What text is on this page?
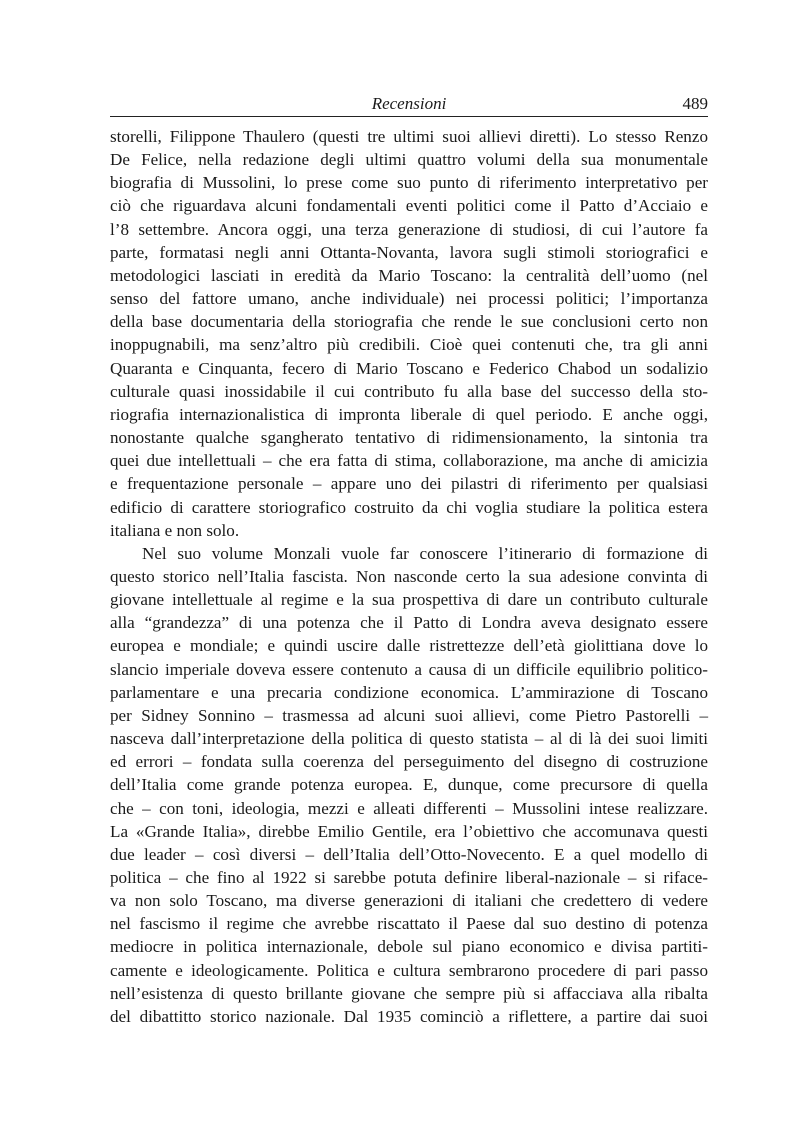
Recensioni	489
storelli, Filippone Thaulero (questi tre ultimi suoi allievi diretti). Lo stesso Renzo
De Felice, nella redazione degli ultimi quattro volumi della sua monumentale
biografia di Mussolini, lo prese come suo punto di riferimento interpretativo per
ciò che riguardava alcuni fondamentali eventi politici come il Patto d’Acciaio e
l’8 settembre. Ancora oggi, una terza generazione di studiosi, di cui l’autore fa
parte, formatasi negli anni Ottanta-Novanta, lavora sugli stimoli storiografici e
metodologici lasciati in eredità da Mario Toscano: la centralità dell’uomo (nel
senso del fattore umano, anche individuale) nei processi politici; l’importanza
della base documentaria della storiografia che rende le sue conclusioni certo non
inoppugnabili, ma senz’altro più credibili. Cioè quei contenuti che, tra gli anni
Quaranta e Cinquanta, fecero di Mario Toscano e Federico Chabod un sodalizio
culturale quasi inossidabile il cui contributo fu alla base del successo della sto-
riografia internazionalistica di impronta liberale di quel periodo. E anche oggi,
nonostante qualche sgangherato tentativo di ridimensionamento, la sintonia tra
quei due intellettuali – che era fatta di stima, collaborazione, ma anche di amicizia
e frequentazione personale – appare uno dei pilastri di riferimento per qualsiasi
edificio di carattere storiografico costruito da chi voglia studiare la politica estera
italiana e non solo.
Nel suo volume Monzali vuole far conoscere l’itinerario di formazione di
questo storico nell’Italia fascista. Non nasconde certo la sua adesione convinta di
giovane intellettuale al regime e la sua prospettiva di dare un contributo culturale
alla “grandezza” di una potenza che il Patto di Londra aveva designato essere
europea e mondiale; e quindi uscire dalle ristrettezze dell’età giolittiana dove lo
slancio imperiale doveva essere contenuto a causa di un difficile equilibrio politico-
parlamentare e una precaria condizione economica. L’ammirazione di Toscano
per Sidney Sonnino – trasmessa ad alcuni suoi allievi, come Pietro Pastorelli –
nasceva dall’interpretazione della politica di questo statista – al di là dei suoi limiti
ed errori – fondata sulla coerenza del perseguimento del disegno di costruzione
dell’Italia come grande potenza europea. E, dunque, come precursore di quella
che – con toni, ideologia, mezzi e alleati differenti – Mussolini intese realizzare.
La «Grande Italia», direbbe Emilio Gentile, era l’obiettivo che accomunava questi
due leader – così diversi – dell’Italia dell’Otto-Novecento. E a quel modello di
politica – che fino al 1922 si sarebbe potuta definire liberal-nazionale – si riface-
va non solo Toscano, ma diverse generazioni di italiani che credettero di vedere
nel fascismo il regime che avrebbe riscattato il Paese dal suo destino di potenza
mediocre in politica internazionale, debole sul piano economico e divisa partiti-
camente e ideologicamente. Politica e cultura sembrarono procedere di pari passo
nell’esistenza di questo brillante giovane che sempre più si affacciava alla ribalta
del dibattitto storico nazionale. Dal 1935 cominciò a riflettere, a partire dai suoi
